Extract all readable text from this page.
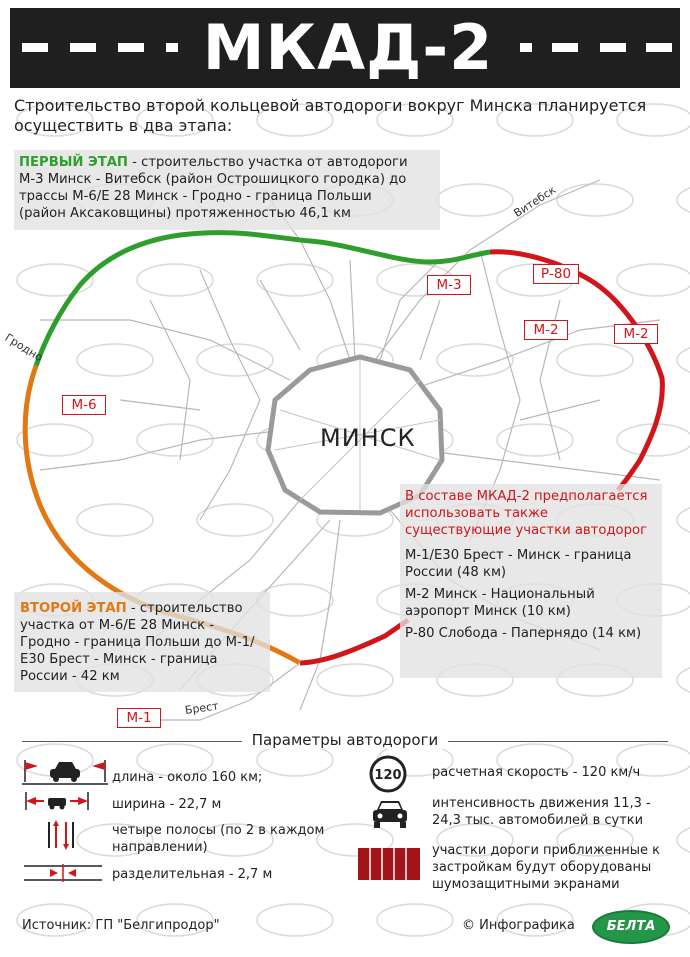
МКАД-2
Строительство второй кольцевой автодороги вокруг Минска планируется осуществить в два этапа:
ПЕРВЫЙ ЭТАП - строительство участка от автодороги М-3 Минск - Витебск (район Острошицкого городка) до трассы М-6/Е 28 Минск - Гродно - граница Польши (район Аксаковщины) протяженностью 46,1 км
В составе МКАД-2 предполагается использовать также существующие участки автодорог
М-1/Е30 Брест - Минск - граница России (48 км)
М-2 Минск - Национальный аэропорт Минск (10 км)
Р-80 Слобода - Папернядо (14 км)
ВТОРОЙ ЭТАП - строительство участка от М-6/Е 28 Минск - Гродно - граница Польши до М-1/Е30 Брест - Минск - граница России - 42 км
М-3
Р-80
М-2	М-2
М-6
М-1
Витебск
Гродно
Брест
МИНСК
Параметры автодороги
длина - около 160 км;
ширина - 22,7 м
четыре полосы (по 2 в каждом направлении)
разделительная - 2,7 м
120 расчетная скорость - 120 км/ч
интенсивность движения 11,3 - 24,3 тыс. автомобилей в сутки
участки дороги приближенные к застройкам будут оборудованы шумозащитными экранами
Источник: ГП "Белгипродор"	© Инфографика	БЕЛТА
